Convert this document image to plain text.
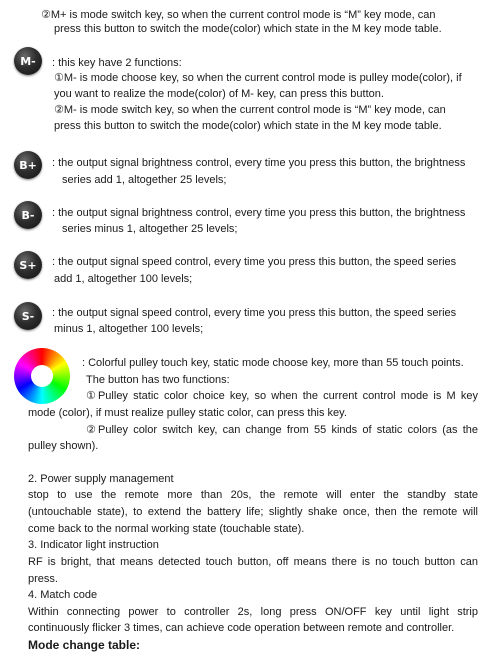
②M+ is mode switch key, so when the current control mode is “M” key mode, can
press this button to switch the mode(color) which state in the M key mode table.
M-	: this key have 2 functions:
①M- is mode choose key, so when the current control mode is pulley mode(color), if
you want to realize the mode(color) of M- key, can press this button.
②M- is mode switch key, so when the current control mode is “M” key mode, can
press this button to switch the mode(color) which state in the M key mode table.
B+	: the output signal brightness control, every time you press this button, the brightness
series add 1, altogether 25 levels;
B-	: the output signal brightness control, every time you press this button, the brightness
series minus 1, altogether 25 levels;
S+	: the output signal speed control, every time you press this button, the speed series
add 1, altogether 100 levels;
S-	: the output signal speed control, every time you press this button, the speed series
minus 1, altogether 100 levels;
: Colorful pulley touch key, static mode choose key, more than 55 touch points.
The button has two functions:
①Pulley static color choice key, so when the current control mode is M key
mode (color), if must realize pulley static color, can press this key.
②Pulley color switch key, can change from 55 kinds of static colors (as the
pulley shown).
2. Power supply management
stop to use the remote more than 20s, the remote will enter the standby state
(untouchable state), to extend the battery life; slightly shake once, then the remote will
come back to the normal working state (touchable state).
3. Indicator light instruction
RF is bright, that means detected touch button, off means there is no touch button can
press.
4. Match code
Within connecting power to controller 2s, long press ON/OFF key until light strip
continuously flicker 3 times, can achieve code operation between remote and controller.
Mode change table:
